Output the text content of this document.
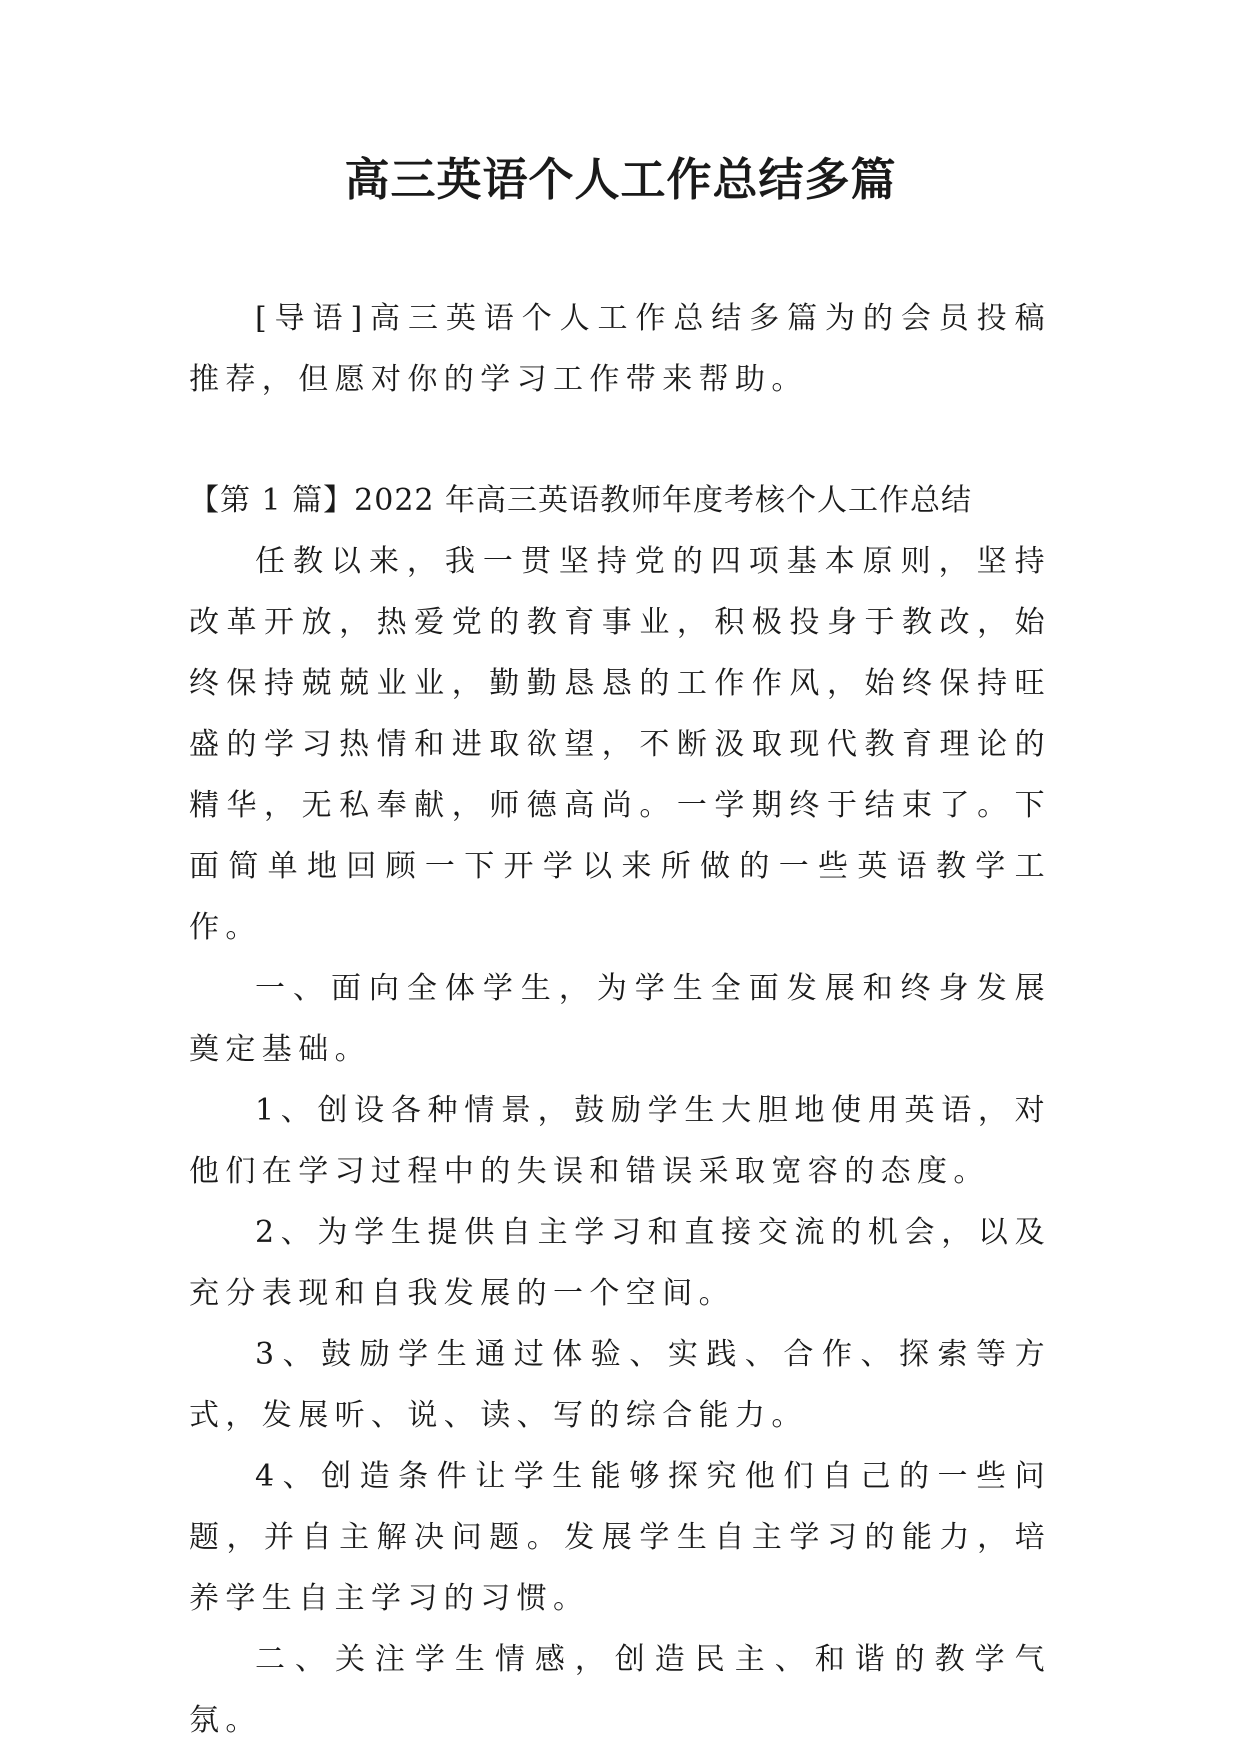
高三英语个人工作总结多篇

[导语]高三英语个人工作总结多篇为的会员投稿推荐，但愿对你的学习工作带来帮助。

【第 1 篇】2022 年高三英语教师年度考核个人工作总结

任教以来，我一贯坚持党的四项基本原则，坚持改革开放，热爱党的教育事业，积极投身于教改，始终保持兢兢业业，勤勤恳恳的工作作风，始终保持旺盛的学习热情和进取欲望，不断汲取现代教育理论的精华，无私奉献，师德高尚。一学期终于结束了。下面简单地回顾一下开学以来所做的一些英语教学工作。

一、面向全体学生，为学生全面发展和终身发展奠定基础。

1、创设各种情景，鼓励学生大胆地使用英语，对他们在学习过程中的失误和错误采取宽容的态度。

2、为学生提供自主学习和直接交流的机会，以及充分表现和自我发展的一个空间。

3、鼓励学生通过体验、实践、合作、探索等方式，发展听、说、读、写的综合能力。

4、创造条件让学生能够探究他们自己的一些问题，并自主解决问题。发展学生自主学习的能力，培养学生自主学习的习惯。

二、关注学生情感，创造民主、和谐的教学气氛。
